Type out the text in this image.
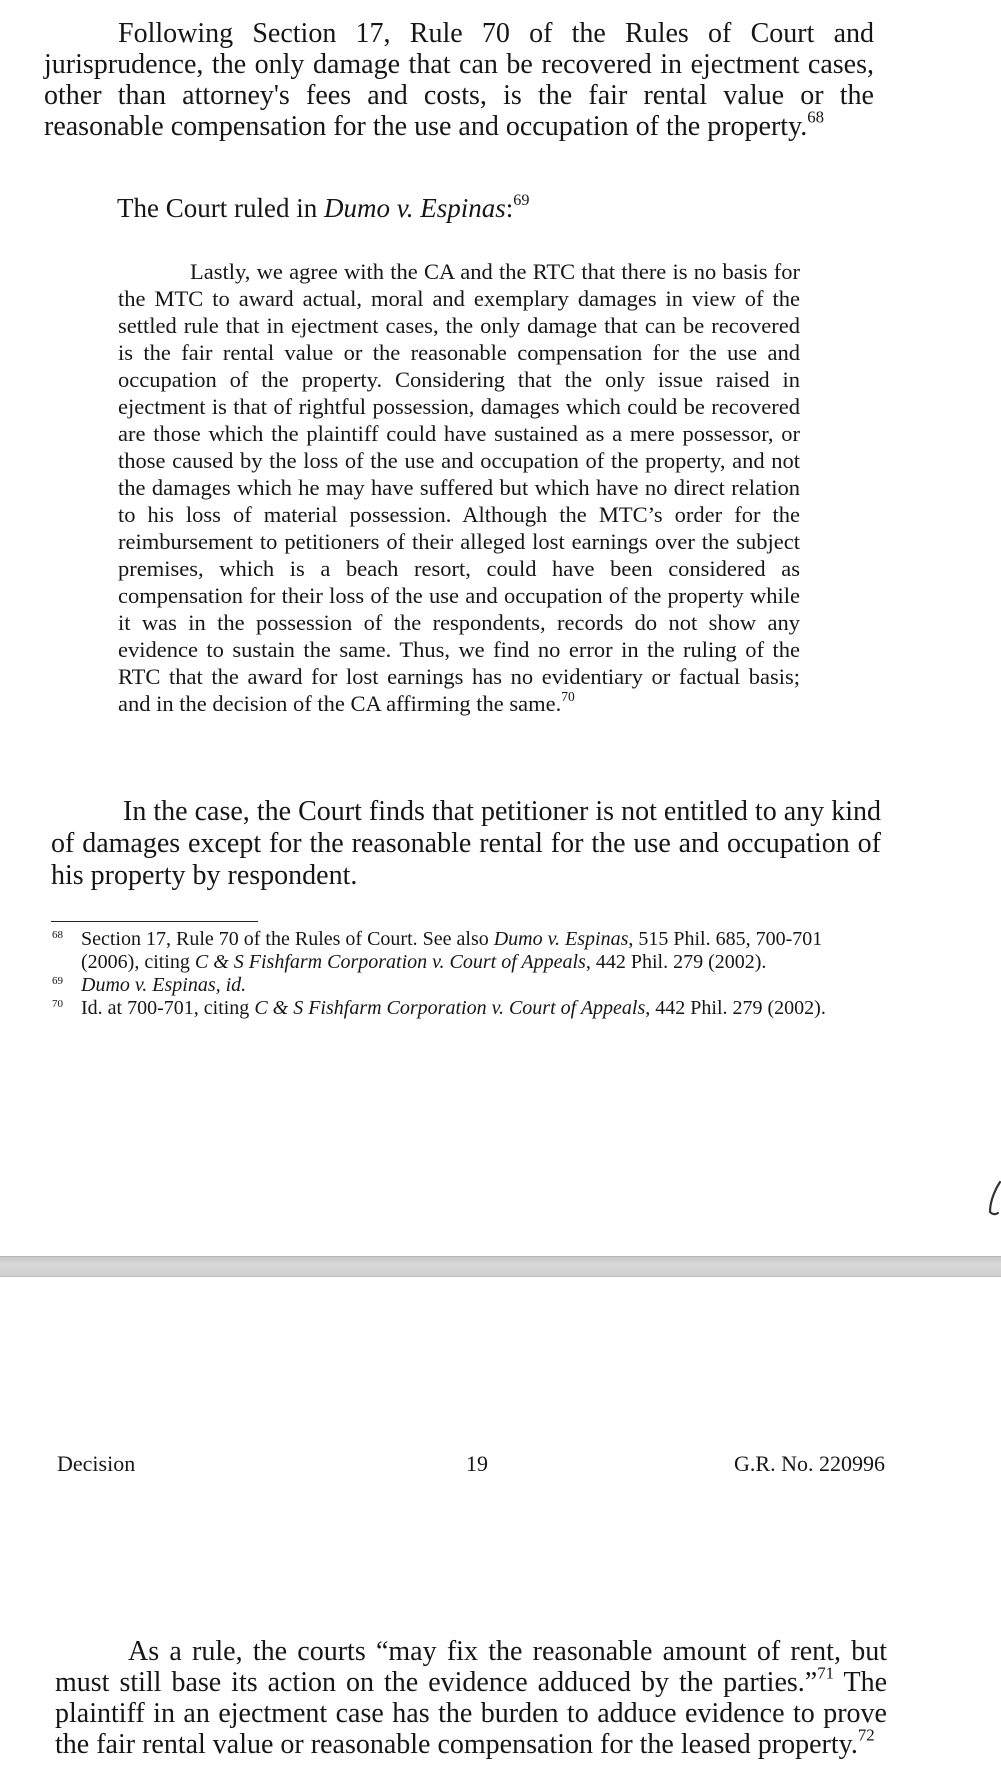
Following Section 17, Rule 70 of the Rules of Court and jurisprudence, the only damage that can be recovered in ejectment cases, other than attorney's fees and costs, is the fair rental value or the reasonable compensation for the use and occupation of the property.$^{68}$

The Court ruled in Dumo v. Espinas:$^{69}$

Lastly, we agree with the CA and the RTC that there is no basis for the MTC to award actual, moral and exemplary damages in view of the settled rule that in ejectment cases, the only damage that can be recovered is the fair rental value or the reasonable compensation for the use and occupation of the property. Considering that the only issue raised in ejectment is that of rightful possession, damages which could be recovered are those which the plaintiff could have sustained as a mere possessor, or those caused by the loss of the use and occupation of the property, and not the damages which he may have suffered but which have no direct relation to his loss of material possession. Although the MTC’s order for the reimbursement to petitioners of their alleged lost earnings over the subject premises, which is a beach resort, could have been considered as compensation for their loss of the use and occupation of the property while it was in the possession of the respondents, records do not show any evidence to sustain the same. Thus, we find no error in the ruling of the RTC that the award for lost earnings has no evidentiary or factual basis; and in the decision of the CA affirming the same.$^{70}$

In the case, the Court finds that petitioner is not entitled to any kind of damages except for the reasonable rental for the use and occupation of his property by respondent.

68 Section 17, Rule 70 of the Rules of Court. See also Dumo v. Espinas, 515 Phil. 685, 700-701 (2006), citing C & S Fishfarm Corporation v. Court of Appeals, 442 Phil. 279 (2002).
69 Dumo v. Espinas, id.
70 Id. at 700-701, citing C & S Fishfarm Corporation v. Court of Appeals, 442 Phil. 279 (2002).
Decision	19	G.R. No. 220996

As a rule, the courts “may fix the reasonable amount of rent, but must still base its action on the evidence adduced by the parties.”$^{71}$ The plaintiff in an ejectment case has the burden to adduce evidence to prove the fair rental value or reasonable compensation for the leased property.$^{72}$
